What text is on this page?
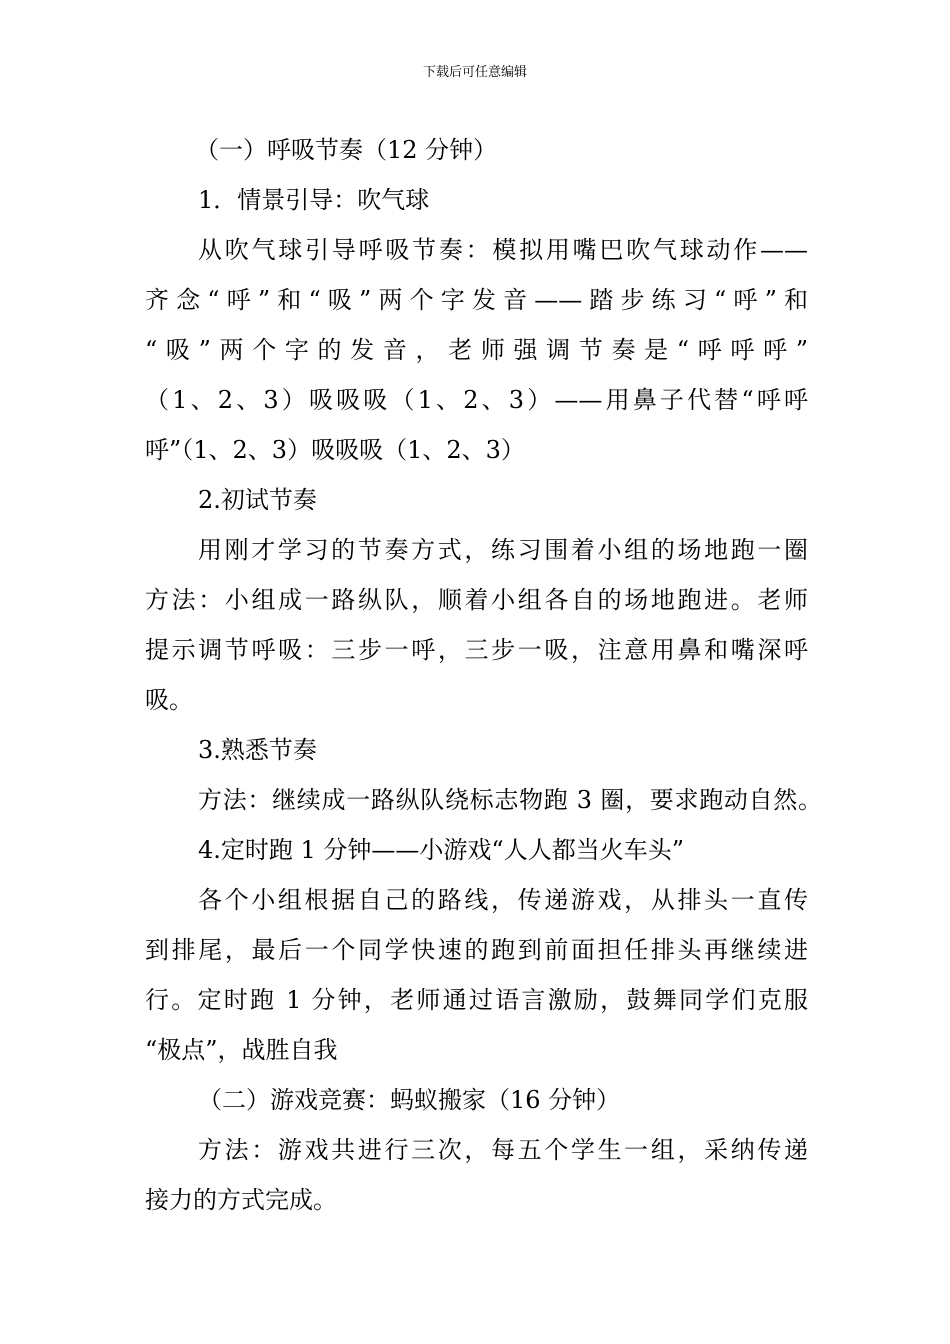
下载后可任意编辑
（一）呼吸节奏（12 分钟）
1．情景引导：吹气球
从吹气球引导呼吸节奏：模拟用嘴巴吹气球动作——
齐念“呼”和“吸”两个字发音——踏步练习“呼”和
“吸”两个字的发音，老师强调节奏是“呼呼呼”
（1、2、3）吸吸吸（1、2、3）——用鼻子代替“呼呼
呼”（1、2、3）吸吸吸（1、2、3）
2.初试节奏
用刚才学习的节奏方式，练习围着小组的场地跑一圈
方法：小组成一路纵队，顺着小组各自的场地跑进。老师
提示调节呼吸：三步一呼，三步一吸，注意用鼻和嘴深呼
吸。
3.熟悉节奏
方法：继续成一路纵队绕标志物跑 3 圈，要求跑动自然。
4.定时跑 1 分钟——小游戏“人人都当火车头”
各个小组根据自己的路线，传递游戏，从排头一直传
到排尾，最后一个同学快速的跑到前面担任排头再继续进
行。定时跑 1 分钟，老师通过语言激励，鼓舞同学们克服
“极点”，战胜自我
（二）游戏竞赛：蚂蚁搬家（16 分钟）
方法：游戏共进行三次，每五个学生一组，采纳传递
接力的方式完成。
